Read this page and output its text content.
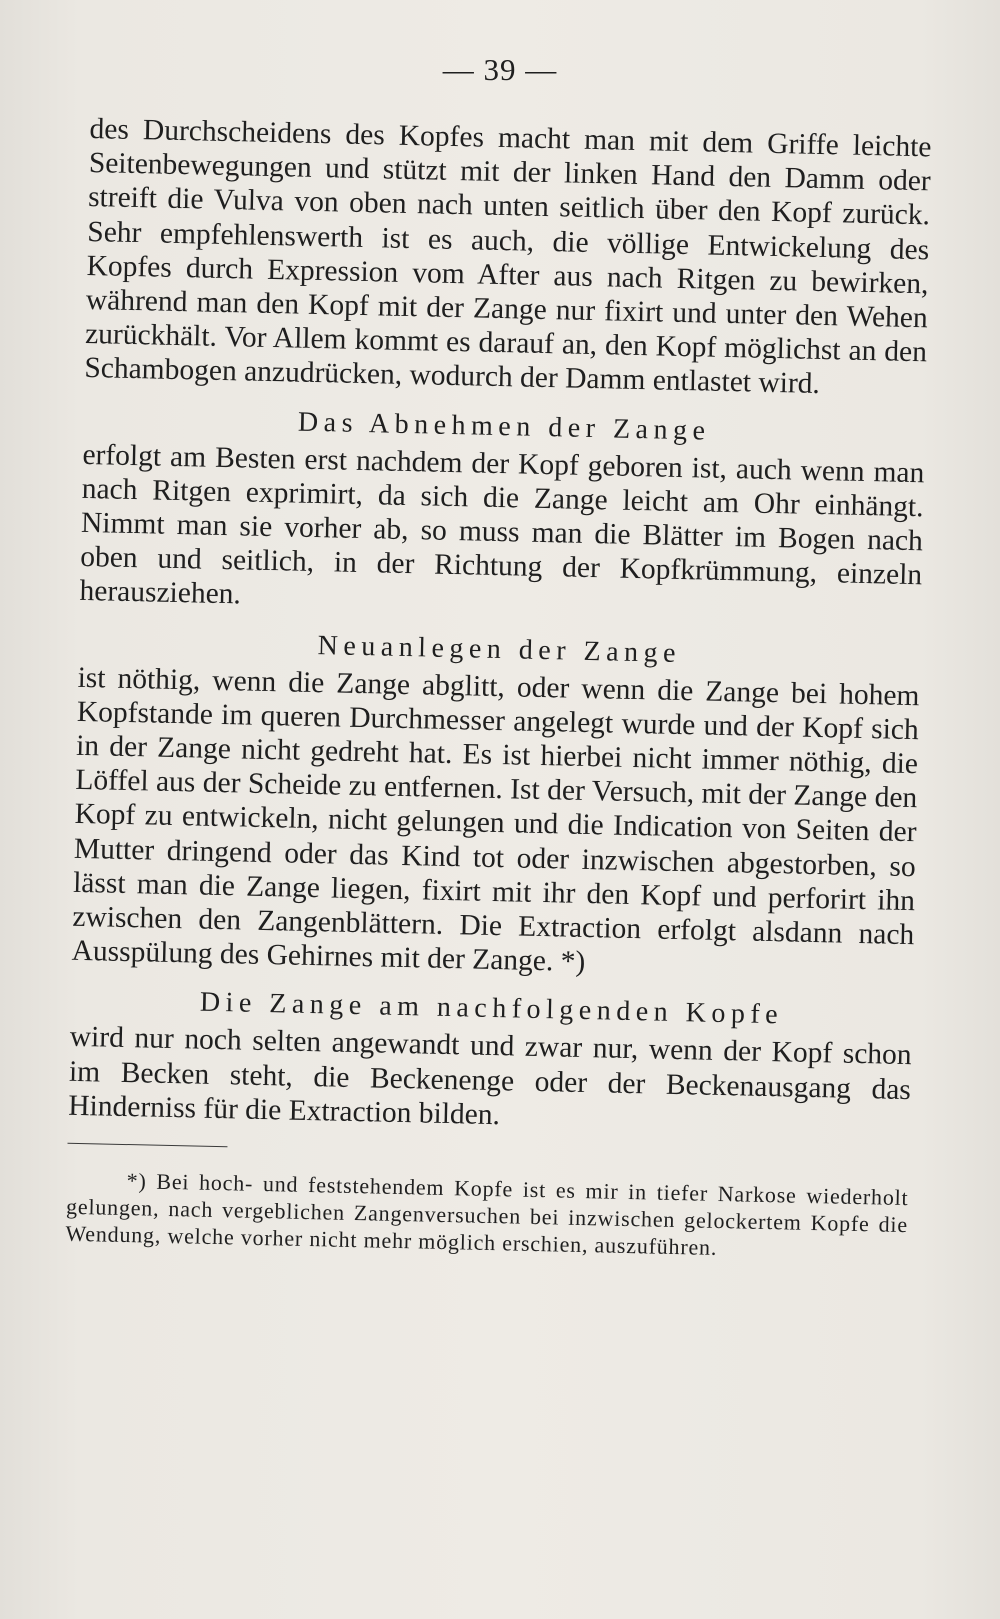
— 39 —

des Durchscheidens des Kopfes macht man mit dem Griffe leichte Seitenbewegungen und stützt mit der linken Hand den Damm oder streift die Vulva von oben nach unten seitlich über den Kopf zurück. Sehr empfehlenswerth ist es auch, die völlige Entwickelung des Kopfes durch Expression vom After aus nach Ritgen zu bewirken, während man den Kopf mit der Zange nur fixirt und unter den Wehen zurückhält. Vor Allem kommt es darauf an, den Kopf möglichst an den Schambogen anzudrücken, wodurch der Damm entlastet wird.

Das Abnehmen der Zange

erfolgt am Besten erst nachdem der Kopf geboren ist, auch wenn man nach Ritgen exprimirt, da sich die Zange leicht am Ohr einhängt. Nimmt man sie vorher ab, so muss man die Blätter im Bogen nach oben und seitlich, in der Richtung der Kopfkrümmung, einzeln herausziehen.

Neuanlegen der Zange

ist nöthig, wenn die Zange abglitt, oder wenn die Zange bei hohem Kopfstande im queren Durchmesser angelegt wurde und der Kopf sich in der Zange nicht gedreht hat. Es ist hierbei nicht immer nöthig, die Löffel aus der Scheide zu entfernen. Ist der Versuch, mit der Zange den Kopf zu entwickeln, nicht gelungen und die Indication von Seiten der Mutter dringend oder das Kind tot oder inzwischen abgestorben, so lässt man die Zange liegen, fixirt mit ihr den Kopf und perforirt ihn zwischen den Zangenblättern. Die Extraction erfolgt alsdann nach Ausspülung des Gehirnes mit der Zange. *)

Die Zange am nachfolgenden Kopfe

wird nur noch selten angewandt und zwar nur, wenn der Kopf schon im Becken steht, die Beckenenge oder der Beckenausgang das Hinderniss für die Extraction bilden.

*) Bei hoch- und feststehendem Kopfe ist es mir in tiefer Narkose wiederholt gelungen, nach vergeblichen Zangenversuchen bei inzwischen gelockertem Kopfe die Wendung, welche vorher nicht mehr möglich erschien, auszuführen.
